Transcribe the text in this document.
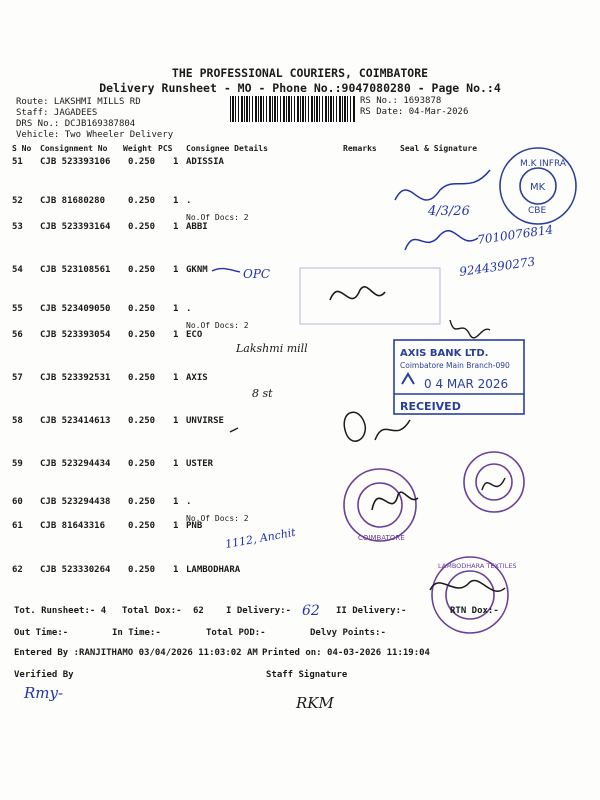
THE PROFESSIONAL COURIERS, COIMBATORE
Delivery Runsheet - MO - Phone No.:9047080280 - Page No.:4
Route: LAKSHMI MILLS RD
Staff: JAGADEES
DRS No.: DCJB169387804
Vehicle: Two Wheeler Delivery
RS No.: 1693878
RS Date: 04-Mar-2026
S No Consignment No Weight PCS Consignee Details	Remarks	Seal & Signature
51 CJB 523393106 0.250 1 ADISSIA
52 CJB 81680280	0.250 1 .
No.Of Docs: 2
53 CJB 523393164 0.250 1 ABBI
54 CJB 523108561 0.250 1 GKNM
55 CJB 523409050 0.250 1 .
No.Of Docs: 2
56 CJB 523393054 0.250 1 ECO
57 CJB 523392531 0.250 1 AXIS
58 CJB 523414613 0.250 1 UNVIRSE
59 CJB 523294434 0.250 1 USTER
60 CJB 523294438 0.250 1 .
No.Of Docs: 2
61 CJB 81643316	0.250 1 PNB
62 CJB 523330264 0.250 1 LAMBODHARA
M.K INFRA
MK
CBE
4/3/26
7010076814
9244390273
OPC
Lakshmi mill	AXIS BANK LTD.
Coimbatore Main Branch-090
0 4 MAR 2026
RECEIVED
8 st
COIMBATORE
1112, Anchit
LAMBODHARA TEXTILES
62
Rmy-
RKM
Tot. Runsheet:- 4 Total Dox:- 62 I Delivery:-	II Delivery:-	RTN Dox:-
Out Time:-	In Time:-	Total POD:-	Delvy Points:-
Entered By :RANJITHAMO 03/04/2026 11:03:02 AM Printed on: 04-03-2026 11:19:04
Verified By	Staff Signature
